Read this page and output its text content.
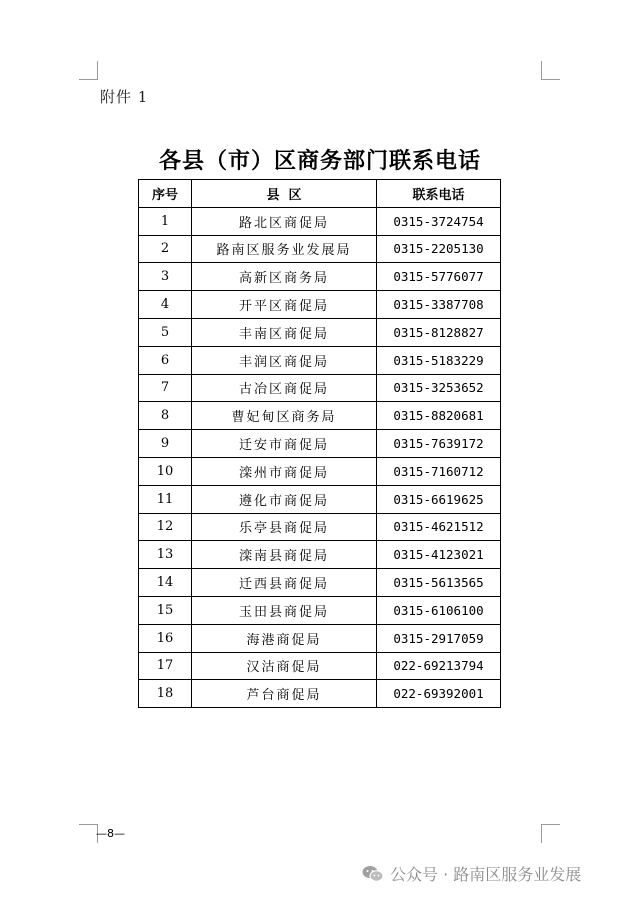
附件 1
各县（市）区商务部门联系电话
序号	县  区	联系电话
1	路北区商促局	0315-3724754
2	路南区服务业发展局	0315-2205130
3	高新区商务局	0315-5776077
4	开平区商促局	0315-3387708
5	丰南区商促局	0315-8128827
6	丰润区商促局	0315-5183229
7	古冶区商促局	0315-3253652
8	曹妃甸区商务局	0315-8820681
9	迁安市商促局	0315-7639172
10	滦州市商促局	0315-7160712
11	遵化市商促局	0315-6619625
12	乐亭县商促局	0315-4621512
13	滦南县商促局	0315-4123021
14	迁西县商促局	0315-5613565
15	玉田县商促局	0315-6106100
16	海港商促局	0315-2917059
17	汉沽商促局	022-69213794
18	芦台商促局	022-69392001
—8—
公众号 · 路南区服务业发展
